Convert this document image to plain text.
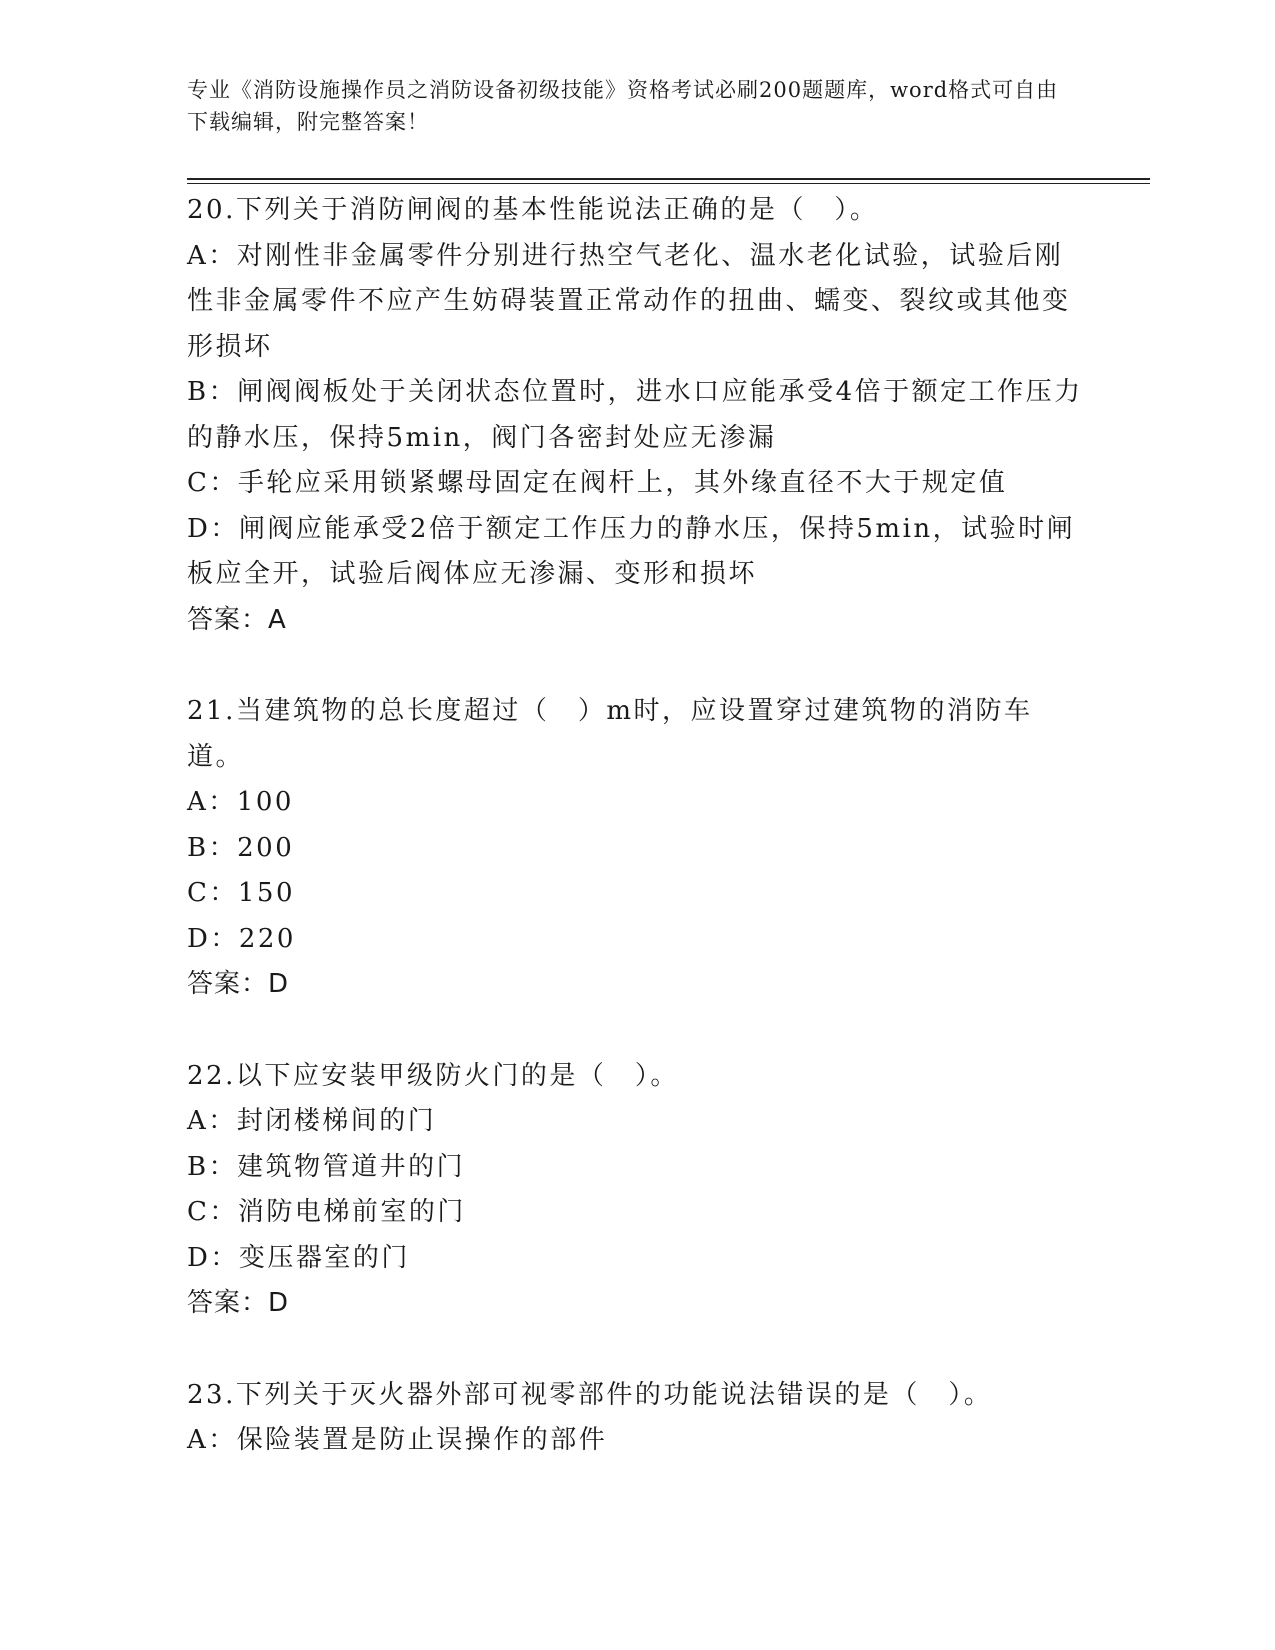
专业《消防设施操作员之消防设备初级技能》资格考试必刷200题题库，word格式可自由下载编辑，附完整答案！
20.下列关于消防闸阀的基本性能说法正确的是（　）。
A：对刚性非金属零件分别进行热空气老化、温水老化试验，试验后刚性非金属零件不应产生妨碍装置正常动作的扭曲、蠕变、裂纹或其他变形损坏
B：闸阀阀板处于关闭状态位置时，进水口应能承受4倍于额定工作压力的静水压，保持5min，阀门各密封处应无渗漏
C：手轮应采用锁紧螺母固定在阀杆上，其外缘直径不大于规定值
D：闸阀应能承受2倍于额定工作压力的静水压，保持5min，试验时闸板应全开，试验后阀体应无渗漏、变形和损坏
答案：A
21.当建筑物的总长度超过（　）m时，应设置穿过建筑物的消防车道。
A：100
B：200
C：150
D：220
答案：D
22.以下应安装甲级防火门的是（　）。
A：封闭楼梯间的门
B：建筑物管道井的门
C：消防电梯前室的门
D：变压器室的门
答案：D
23.下列关于灭火器外部可视零部件的功能说法错误的是（　）。
A：保险装置是防止误操作的部件
